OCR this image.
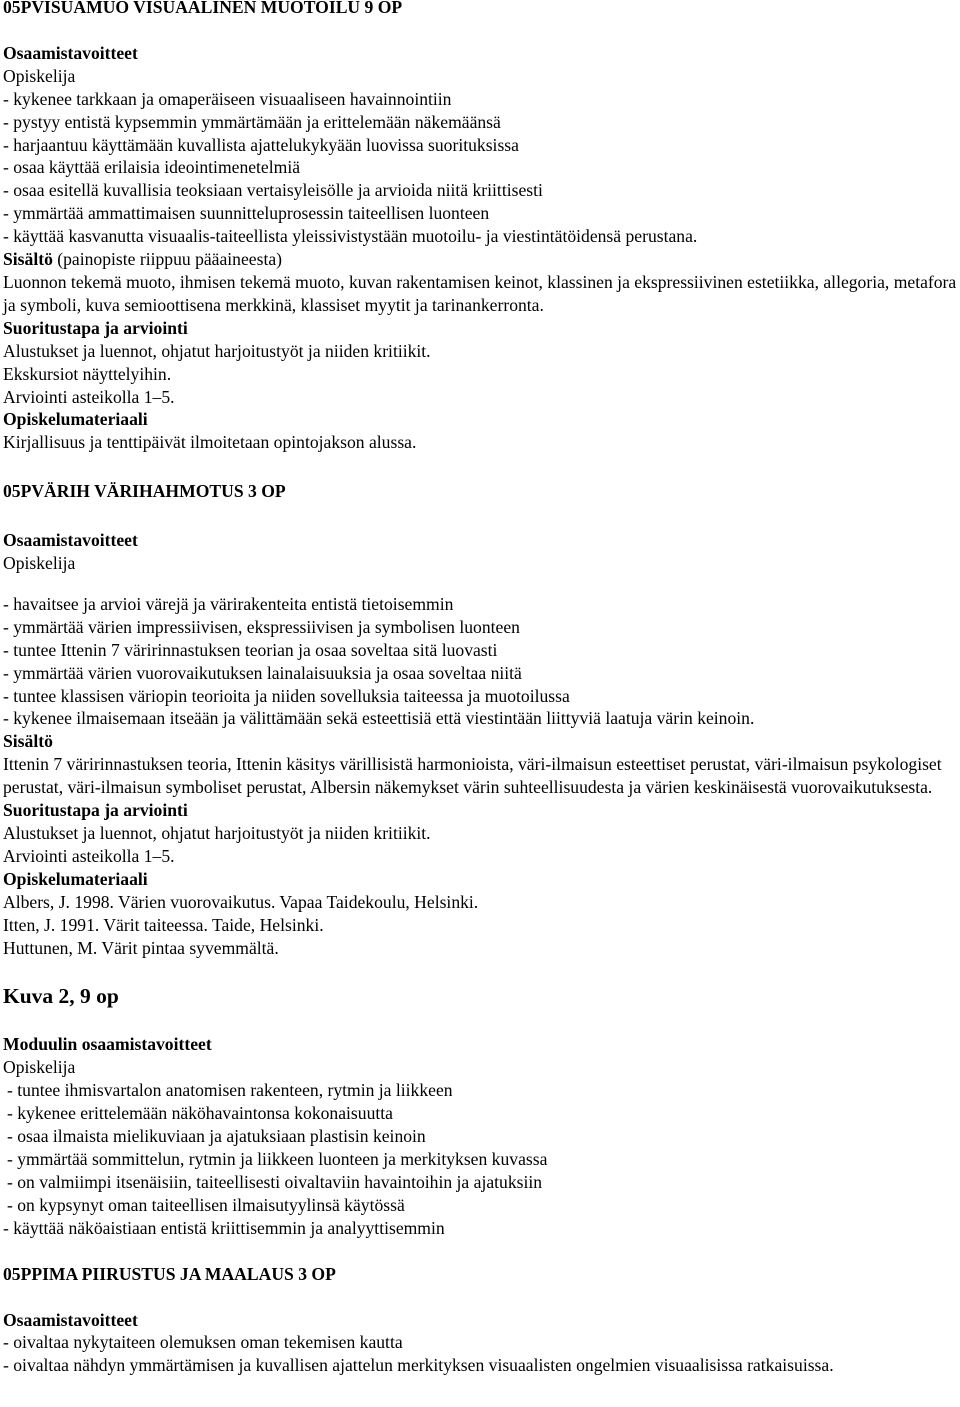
05PVISUAMUO VISUAALINEN MUOTOILU 9 OP
Osaamistavoitteet
Opiskelija
- kykenee tarkkaan ja omaperäiseen visuaaliseen havainnointiin
- pystyy entistä kypsemmin ymmärtämään ja erittelemään näkemäänsä
- harjaantuu käyttämään kuvallista ajattelukykyään luovissa suorituksissa
- osaa käyttää erilaisia ideointimenetelmiä
- osaa esitellä kuvallisia teoksiaan vertaisyleisölle ja arvioida niitä kriittisesti
- ymmärtää ammattimaisen suunnitteluprosessin taiteellisen luonteen
- käyttää kasvanutta visuaalis-taiteellista yleissivistystään muotoilu- ja viestintätöidensä perustana.
Sisältö (painopiste riippuu pääaineesta)

Luonnon tekemä muoto, ihmisen tekemä muoto, kuvan rakentamisen keinot, klassinen ja ekspressiivinen estetiikka, allegoria, metafora ja symboli, kuva semioottisena merkkinä, klassiset myytit ja tarinankerronta.

Suoritustapa ja arviointi
Alustukset ja luennot, ohjatut harjoitustyöt ja niiden kritiikit.
Ekskursiot näyttelyihin.
Arviointi asteikolla 1–5.
Opiskelumateriaali
Kirjallisuus ja tenttipäivät ilmoitetaan opintojakson alussa.
05PVÄRIH VÄRIHAHMOTUS 3 OP
Osaamistavoitteet
Opiskelija
- havaitsee ja arvioi värejä ja värirakenteita entistä tietoisemmin
- ymmärtää värien impressiivisen, ekspressiivisen ja symbolisen luonteen
- tuntee Ittenin 7 väririnnastuksen teorian ja osaa soveltaa sitä luovasti
- ymmärtää värien vuorovaikutuksen lainalaisuuksia ja osaa soveltaa niitä
- tuntee klassisen väriopin teorioita ja niiden sovelluksia taiteessa ja muotoilussa
- kykenee ilmaisemaan itseään ja välittämään sekä esteettisiä että viestintään liittyviä laatuja värin keinoin.
Sisältö

Ittenin 7 väririnnastuksen teoria, Ittenin käsitys värillisistä harmonioista, väri-ilmaisun esteettiset perustat, väri-ilmaisun psykologiset perustat, väri-ilmaisun symboliset perustat, Albersin näkemykset värin suhteellisuudesta ja värien keskinäisestä vuorovaikutuksesta.

Suoritustapa ja arviointi
Alustukset ja luennot, ohjatut harjoitustyöt ja niiden kritiikit.
Arviointi asteikolla 1–5.
Opiskelumateriaali
Albers, J. 1998. Värien vuorovaikutus. Vapaa Taidekoulu, Helsinki.
Itten, J. 1991. Värit taiteessa. Taide, Helsinki.
Huttunen, M. Värit pintaa syvemmältä.
Kuva 2, 9 op
Moduulin osaamistavoitteet
Opiskelija
- tuntee ihmisvartalon anatomisen rakenteen, rytmin ja liikkeen
- kykenee erittelemään näköhavaintonsa kokonaisuutta
- osaa ilmaista mielikuviaan ja ajatuksiaan plastisin keinoin
- ymmärtää sommittelun, rytmin ja liikkeen luonteen ja merkityksen kuvassa
- on valmiimpi itsenäisiin, taiteellisesti oivaltaviin havaintoihin ja ajatuksiin
- on kypsynyt oman taiteellisen ilmaisutyylinsä käytössä
- käyttää näköaistiaan entistä kriittisemmin ja analyyttisemmin
05PPIMA PIIRUSTUS JA MAALAUS 3 OP
Osaamistavoitteet
- oivaltaa nykytaiteen olemuksen oman tekemisen kautta
- oivaltaa nähdyn ymmärtämisen ja kuvallisen ajattelun merkityksen visuaalisten ongelmien visuaalisissa ratkaisuissa.
